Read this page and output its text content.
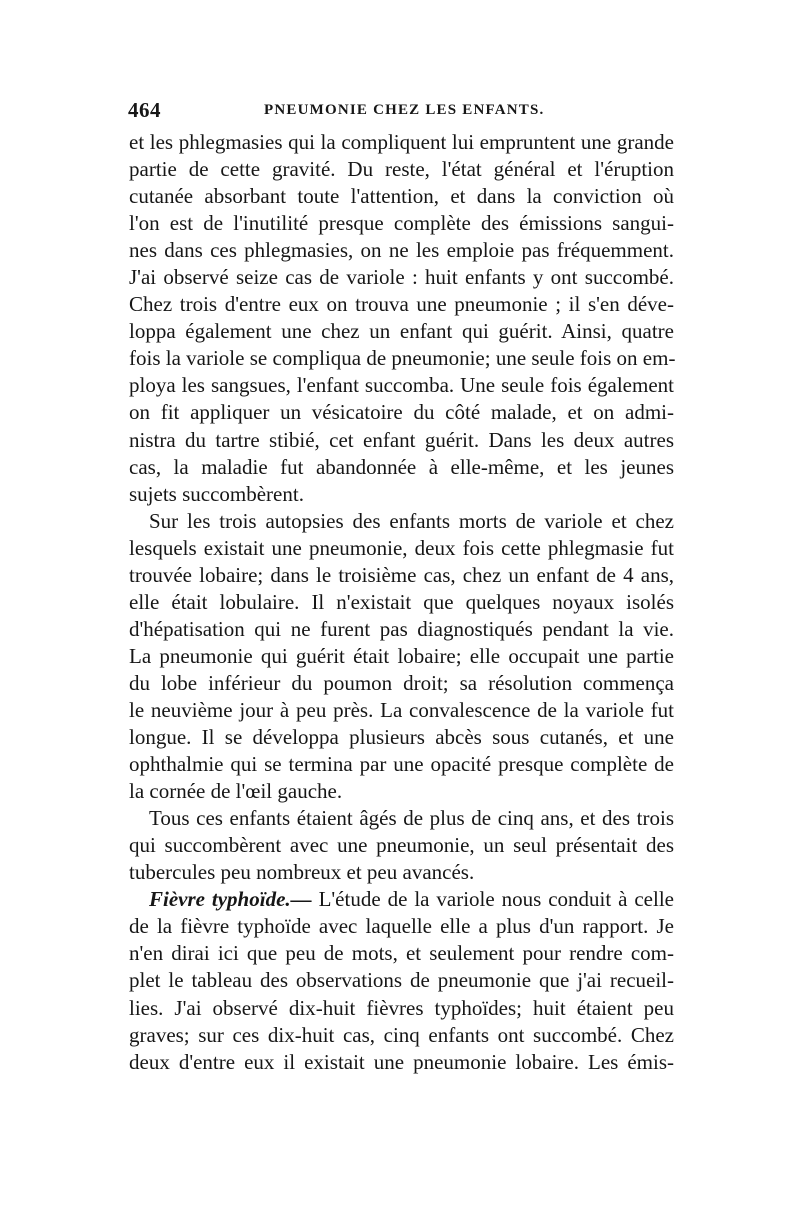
464	PNEUMONIE CHEZ LES ENFANTS.
et les phlegmasies qui la compliquent lui empruntent une grande
partie de cette gravité. Du reste, l'état général et l'éruption
cutanée absorbant toute l'attention, et dans la conviction où
l'on est de l'inutilité presque complète des émissions sangui-
nes dans ces phlegmasies, on ne les emploie pas fréquemment.
J'ai observé seize cas de variole : huit enfants y ont succombé.
Chez trois d'entre eux on trouva une pneumonie ; il s'en déve-
loppa également une chez un enfant qui guérit. Ainsi, quatre
fois la variole se compliqua de pneumonie; une seule fois on em-
ploya les sangsues, l'enfant succomba. Une seule fois également
on fit appliquer un vésicatoire du côté malade, et on admi-
nistra du tartre stibié, cet enfant guérit. Dans les deux autres
cas, la maladie fut abandonnée à elle-même, et les jeunes
sujets succombèrent.
Sur les trois autopsies des enfants morts de variole et chez
lesquels existait une pneumonie, deux fois cette phlegmasie fut
trouvée lobaire; dans le troisième cas, chez un enfant de 4 ans,
elle était lobulaire. Il n'existait que quelques noyaux isolés
d'hépatisation qui ne furent pas diagnostiqués pendant la vie.
La pneumonie qui guérit était lobaire; elle occupait une partie
du lobe inférieur du poumon droit; sa résolution commença
le neuvième jour à peu près. La convalescence de la variole fut
longue. Il se développa plusieurs abcès sous cutanés, et une
ophthalmie qui se termina par une opacité presque complète de
la cornée de l'œil gauche.
Tous ces enfants étaient âgés de plus de cinq ans, et des trois
qui succombèrent avec une pneumonie, un seul présentait des
tubercules peu nombreux et peu avancés.
Fièvre typhoïde.— L'étude de la variole nous conduit à celle
de la fièvre typhoïde avec laquelle elle a plus d'un rapport. Je
n'en dirai ici que peu de mots, et seulement pour rendre com-
plet le tableau des observations de pneumonie que j'ai recueil-
lies. J'ai observé dix-huit fièvres typhoïdes; huit étaient peu
graves; sur ces dix-huit cas, cinq enfants ont succombé. Chez
deux d'entre eux il existait une pneumonie lobaire. Les émis-
